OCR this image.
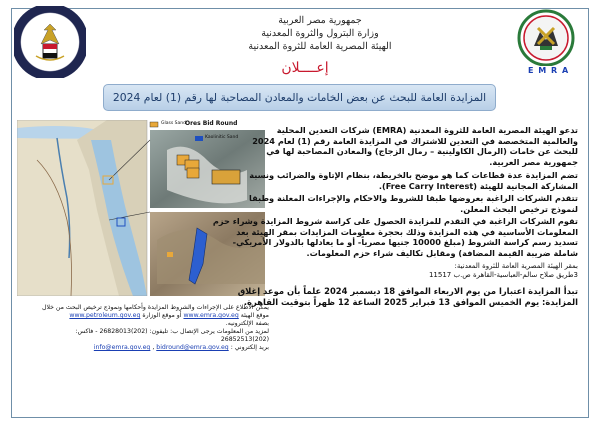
E M R A
جمهورية مصر العربية
وزارة البترول والثروة المعدنية
الهيئة المصرية العامة للثروة المعدنية
إعــــلان
المزايدة العامة للبحث عن بعض الخامات والمعادن المصاحبة لها رقم (1) لعام 2024
Ores Bid Round
Glass Sand
Kaolinitic Sand
تدعو الهيئة المصرية العامة للثروة المعدنية (EMRA) شركات التعدين المحلية
والعالمية المتخصصة في التعدين للاشتراك في المزايدة العامة رقم (1) لعام 2024
للبحث عن خامات (الرمال الكاولينية – رمال الزجاج) والمعادن المصاحبة لها في
جمهورية مصر العربية.
تضم المزايدة عدة قطاعات كما هو موضح بالخريطة، بنظام الإتاوة والضرائب ونسبة
المشاركة المجانية للهيئة (Free Carry Interest).
تتقدم الشركات الراغبة بعروضها طبقا للشروط والاحكام والإجراءات المعلنة وطبقا
لنموذج ترخيص البحث المعلن.
تقوم الشركات الراغبة في التقدم للمزايدة الحصول على كراسة شروط المزايدة وشراء حزم
المعلومات الأساسية في هذه المزايدة وذلك بحجرة معلومات المزايدات بمقر الهيئة بعد
تسديد رسم كراسة الشروط (مبلغ 10000 جنيها مصرياً- أو ما يعادلها بالدولار الأمريكي-
شاملة ضريبة القيمة المضافة) ومقابل تكاليف شراء حزم المعلومات.
بمقر الهيئة المصرية العامة للثروة المعدنية:
3طريق صلاح سالم-العباسية-القاهرة ص.ب 11517
تبدأ المزايدة اعتبارا من يوم الاربعاء الموافق 18 ديسمبر 2024 علماً بأن موعد إغلاق
المزايدة: يوم الخميس الموافق 13 فبراير 2025 الساعة 12 ظهراً بتوقيت القاهرة.
يمكن الاطلاع على الإجراءات والشروط المزايدة وأحكامها ونموذج ترخيص البحث من خلال
موقع الهيئة www.emra.gov.eg أو موقع الوزارة www.petroleum.gov.eg
بصفة الإلكترونيه.
لمزيد من المعلومات يرجى الإتصال ب: تليفون: (202)26828013 - فاكس:
(202)26852513
بريد إلكتروني : info@emra.gov.eg , bidround@emra.gov.eg
